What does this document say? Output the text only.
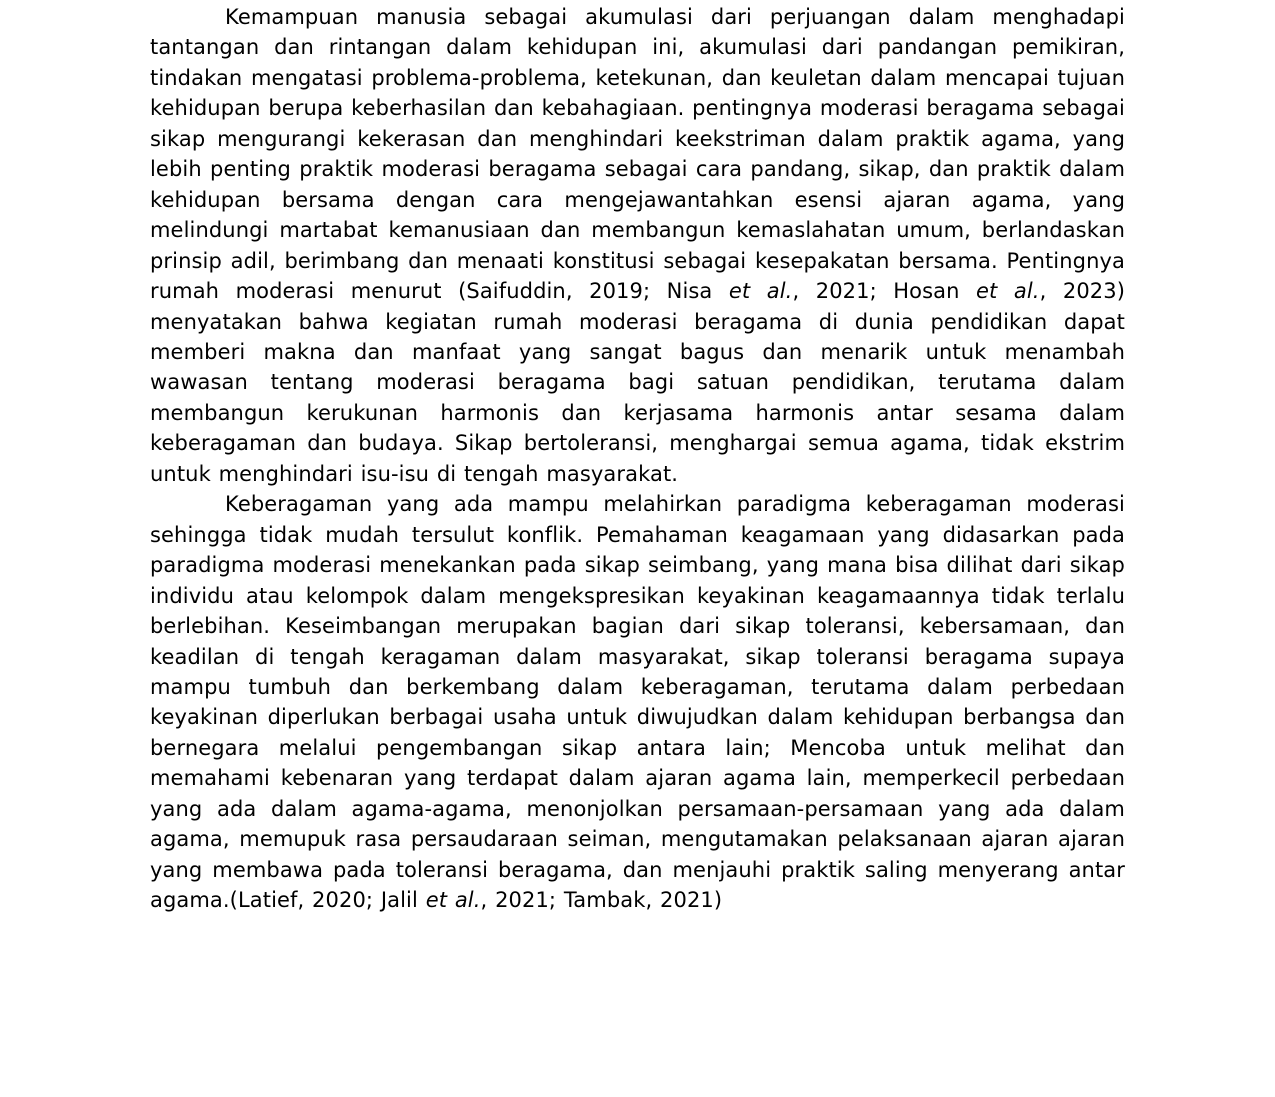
Kemampuan manusia sebagai akumulasi dari perjuangan dalam menghadapi tantangan dan rintangan dalam kehidupan ini, akumulasi dari pandangan pemikiran, tindakan mengatasi problema-problema, ketekunan, dan keuletan dalam mencapai tujuan kehidupan berupa keberhasilan dan kebahagiaan. pentingnya moderasi beragama sebagai sikap mengurangi kekerasan dan menghindari keekstriman dalam praktik agama, yang lebih penting praktik moderasi beragama sebagai cara pandang, sikap, dan praktik dalam kehidupan bersama dengan cara mengejawantahkan esensi ajaran agama, yang melindungi martabat kemanusiaan dan membangun kemaslahatan umum, berlandaskan prinsip adil, berimbang dan menaati konstitusi sebagai kesepakatan bersama. Pentingnya rumah moderasi menurut (Saifuddin, 2019; Nisa et al., 2021; Hosan et al., 2023) menyatakan bahwa kegiatan rumah moderasi beragama di dunia pendidikan dapat memberi makna dan manfaat yang sangat bagus dan menarik untuk menambah wawasan tentang moderasi beragama bagi satuan pendidikan, terutama dalam membangun kerukunan harmonis dan kerjasama harmonis antar sesama dalam keberagaman dan budaya. Sikap bertoleransi, menghargai semua agama, tidak ekstrim untuk menghindari isu-isu di tengah masyarakat.

Keberagaman yang ada mampu melahirkan paradigma keberagaman moderasi sehingga tidak mudah tersulut konflik. Pemahaman keagamaan yang didasarkan pada paradigma moderasi menekankan pada sikap seimbang, yang mana bisa dilihat dari sikap individu atau kelompok dalam mengekspresikan keyakinan keagamaannya tidak terlalu berlebihan. Keseimbangan merupakan bagian dari sikap toleransi, kebersamaan, dan keadilan di tengah keragaman dalam masyarakat, sikap toleransi beragama supaya mampu tumbuh dan berkembang dalam keberagaman, terutama dalam perbedaan keyakinan diperlukan berbagai usaha untuk diwujudkan dalam kehidupan berbangsa dan bernegara melalui pengembangan sikap antara lain; Mencoba untuk melihat dan memahami kebenaran yang terdapat dalam ajaran agama lain, memperkecil perbedaan yang ada dalam agama-agama, menonjolkan persamaan-persamaan yang ada dalam agama, memupuk rasa persaudaraan seiman, mengutamakan pelaksanaan ajaran ajaran yang membawa pada toleransi beragama, dan menjauhi praktik saling menyerang antar agama.(Latief, 2020; Jalil et al., 2021; Tambak, 2021)
